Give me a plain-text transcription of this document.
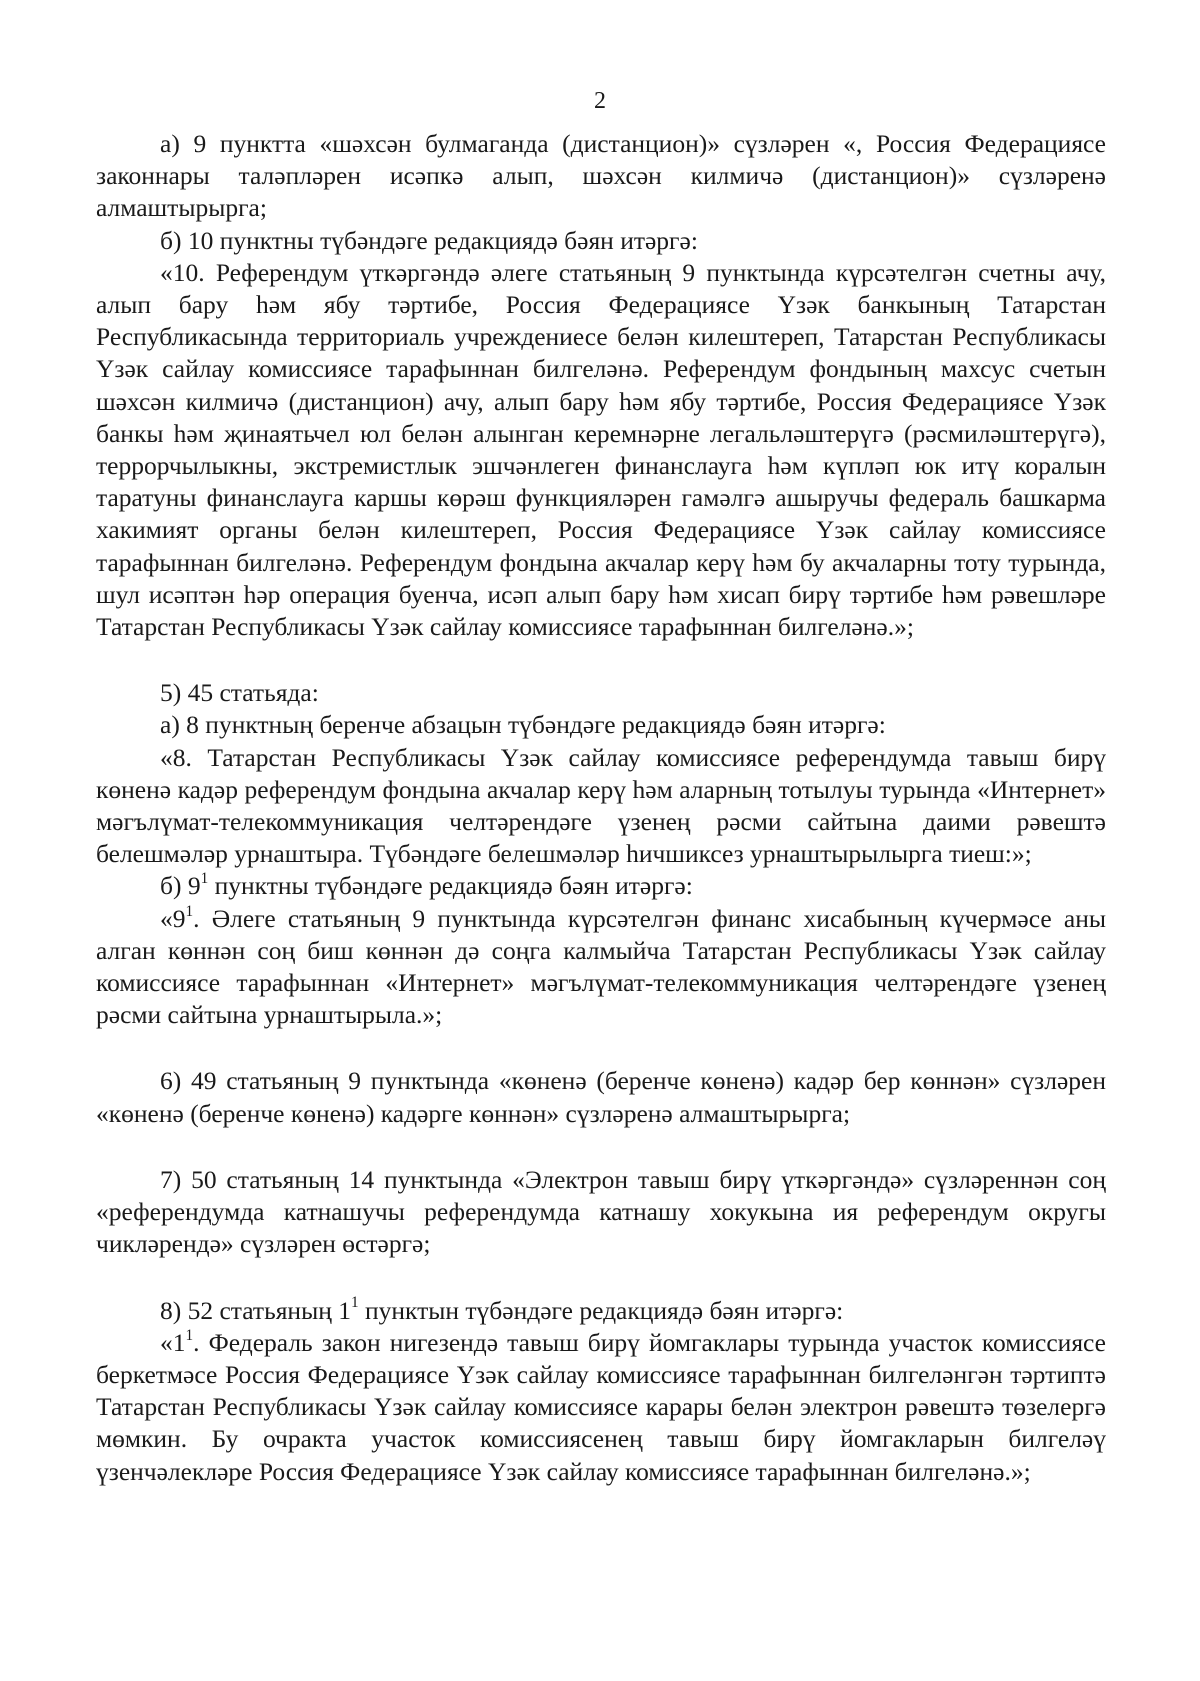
2

а) 9 пунктта «шәхсән булмаганда (дистанцион)» сүзләрен «, Россия Федерациясе законнары таләпләрен исәпкә алып, шәхсән килмичә (дистанцион)» сүзләренә алмаштырырга;

б) 10 пунктны түбәндәге редакциядә бәян итәргә:

«10. Референдум үткәргәндә әлеге статьяның 9 пунктында күрсәтелгән счетны ачу, алып бару һәм ябу тәртибе, Россия Федерациясе Үзәк банкының Татарстан Республикасында территориаль учреждениесе белән килештереп, Татарстан Республикасы Үзәк сайлау комиссиясе тарафыннан билгеләнә. Референдум фондының махсус счетын шәхсән килмичә (дистанцион) ачу, алып бару һәм ябу тәртибе, Россия Федерациясе Үзәк банкы һәм җинаятьчел юл белән алынган керемнәрне легальләштерүгә (рәсмиләштерүгә), террорчылыкны, экстремистлык эшчәнлеген финанслауга һәм күпләп юк итү коралын таратуны финанслауга каршы көрәш функцияләрен гамәлгә ашыручы федераль башкарма хакимият органы белән килештереп, Россия Федерациясе Үзәк сайлау комиссиясе тарафыннан билгеләнә. Референдум фондына акчалар керү һәм бу акчаларны тоту турында, шул исәптән һәр операция буенча, исәп алып бару һәм хисап бирү тәртибе һәм рәвешләре Татарстан Республикасы Үзәк сайлау комиссиясе тарафыннан билгеләнә.»;

5) 45 статьяда:

а) 8 пунктның беренче абзацын түбәндәге редакциядә бәян итәргә:

«8. Татарстан Республикасы Үзәк сайлау комиссиясе референдумда тавыш бирү көненә кадәр референдум фондына акчалар керү һәм аларның тотылуы турында «Интернет» мәгълүмат-телекоммуникация челтәрендәге үзенең рәсми сайтына даими рәвештә белешмәләр урнаштыра. Түбәндәге белешмәләр һичшиксез урнаштырылырга тиеш:»;

б) $9^1$ пунктны түбәндәге редакциядә бәян итәргә:

«$9^1$. Әлеге статьяның 9 пунктында күрсәтелгән финанс хисабының күчермәсе аны алган көннән соң биш көннән дә соңга калмыйча Татарстан Республикасы Үзәк сайлау комиссиясе тарафыннан «Интернет» мәгълүмат-телекоммуникация челтәрендәге үзенең рәсми сайтына урнаштырыла.»;

6) 49 статьяның 9 пунктында «көненә (беренче көненә) кадәр бер көннән» сүзләрен «көненә (беренче көненә) кадәрге көннән» сүзләренә алмаштырырга;

7) 50 статьяның 14 пунктында «Электрон тавыш бирү үткәргәндә» сүзләреннән соң «референдумда катнашучы референдумда катнашу хокукына ия референдум округы чикләрендә» сүзләрен өстәргә;

8) 52 статьяның $1^1$ пунктын түбәндәге редакциядә бәян итәргә:

«$1^1$. Федераль закон нигезендә тавыш бирү йомгаклары турында участок комиссиясе беркетмәсе Россия Федерациясе Үзәк сайлау комиссиясе тарафыннан билгеләнгән тәртиптә Татарстан Республикасы Үзәк сайлау комиссиясе карары белән электрон рәвештә төзелергә мөмкин. Бу очракта участок комиссиясенең тавыш бирү йомгакларын билгеләү үзенчәлекләре Россия Федерациясе Үзәк сайлау комиссиясе тарафыннан билгеләнә.»;
